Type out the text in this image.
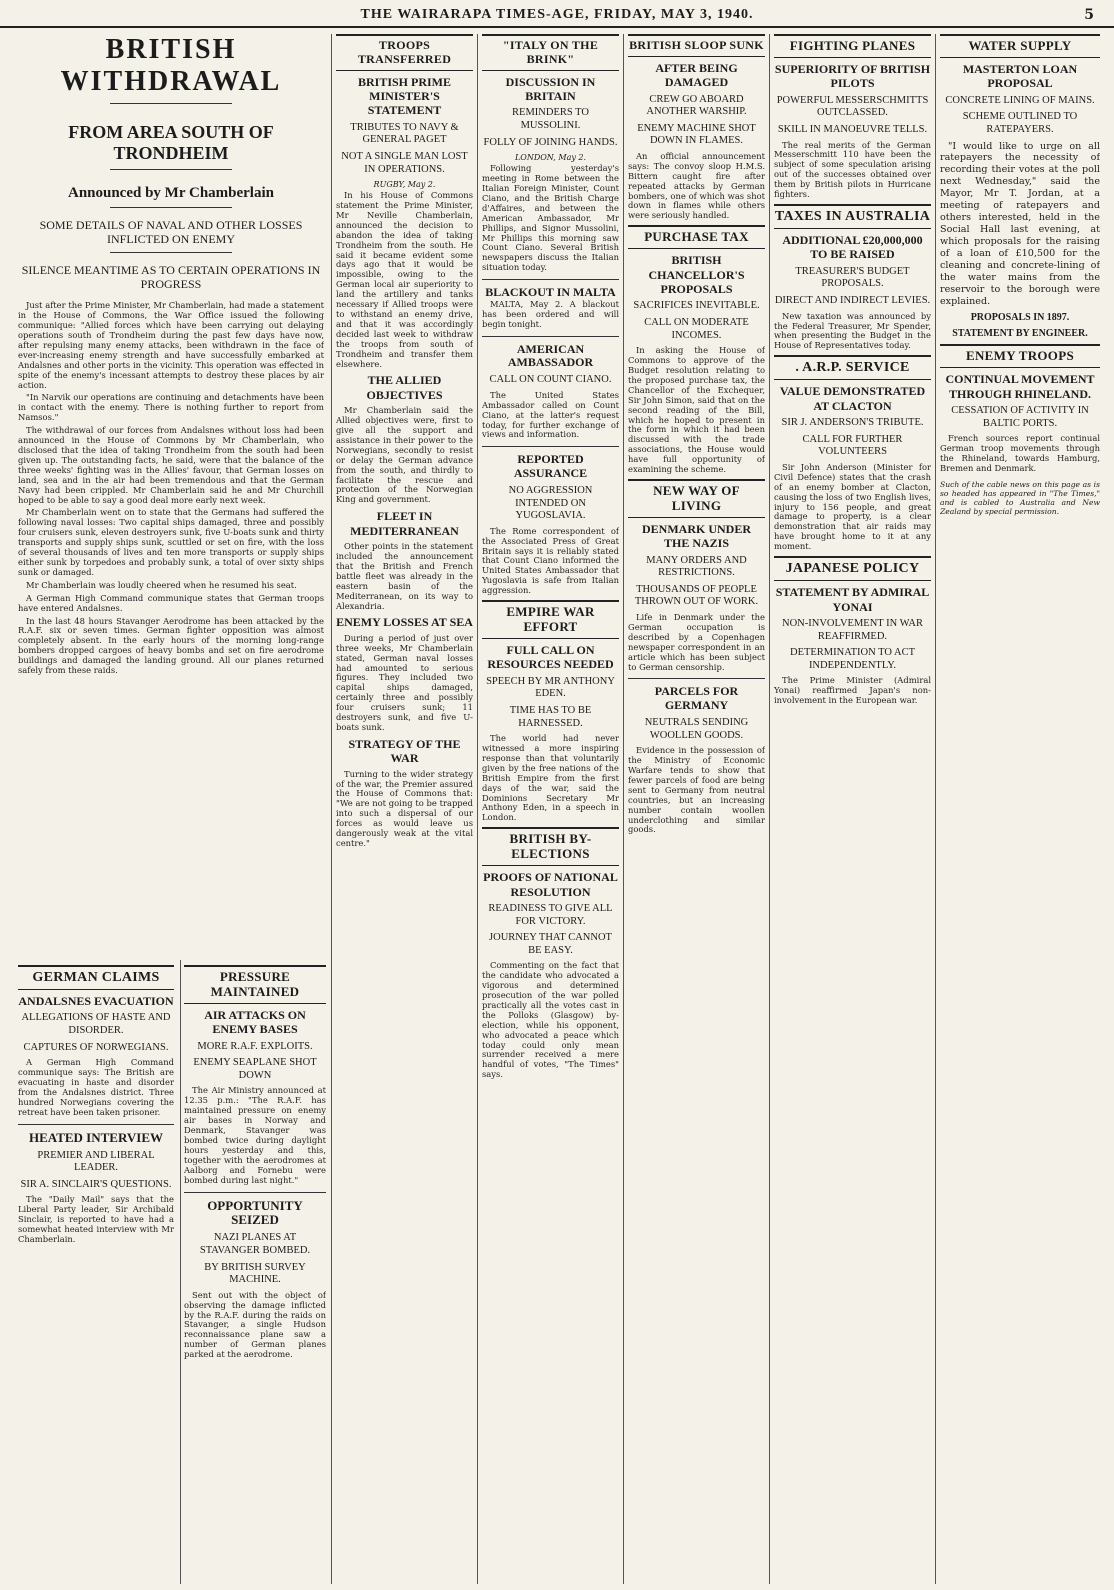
THE WAIRARAPA TIMES-AGE, FRIDAY, MAY 3, 1940.	5
BRITISH WITHDRAWAL
FROM AREA SOUTH OF TRONDHEIM
Announced by Mr Chamberlain
SOME DETAILS OF NAVAL AND OTHER LOSSES INFLICTED ON ENEMY
SILENCE MEANTIME AS TO CERTAIN OPERATIONS IN PROGRESS

Just after the Prime Minister, Mr Chamberlain, had made a statement in the House of Commons, the War Office issued the following communique: "Allied forces which have been carrying out delaying operations south of Trondheim during the past few days have now, after repulsing many enemy attacks, been withdrawn in the face of ever-increasing enemy strength and have successfully embarked at Andalsnes and other ports in the vicinity. This operation was effected in spite of the enemy's incessant attempts to destroy these places by air action.

"In Narvik our operations are continuing and detachments have been in contact with the enemy. There is nothing further to report from Namsos."

The withdrawal of our forces from Andalsnes without loss had been announced in the House of Commons by Mr Chamberlain, who disclosed that the idea of taking Trondheim from the south had been given up. The outstanding facts, he said, were that the balance of the three weeks' fighting was in the Allies' favour, that German losses on land, sea and in the air had been tremendous and that the German Navy had been crippled. Mr Chamberlain said he and Mr Churchill hoped to be able to say a good deal more early next week.

Mr Chamberlain went on to state that the Germans had suffered the following naval losses: Two capital ships damaged, three and possibly four cruisers sunk, eleven destroyers sunk, five U-boats sunk and thirty transports and supply ships sunk, scuttled or set on fire, with the loss of several thousands of lives and ten more transports or supply ships either sunk by torpedoes and probably sunk, a total of over sixty ships sunk or damaged.

Mr Chamberlain was loudly cheered when he resumed his seat.

A German High Command communique states that German troops have entered Andalsnes.

In the last 48 hours Stavanger Aerodrome has been attacked by the R.A.F. six or seven times. German fighter opposition was almost completely absent. In the early hours of the morning long-range bombers dropped cargoes of heavy bombs and set on fire aerodrome buildings and damaged the landing ground. All our planes returned safely from these raids.

GERMAN CLAIMS
ANDALSNES EVACUATION
ALLEGATIONS OF HASTE AND DISORDER.
CAPTURES OF NORWEGIANS.

A German High Command communique says: The British are evacuating in haste and disorder from the Andalsnes district. Three hundred Norwegians covering the retreat have been taken prisoner.

HEATED INTERVIEW
PREMIER AND LIBERAL LEADER.
SIR A. SINCLAIR'S QUESTIONS.

The "Daily Mail" says that the Liberal Party leader, Sir Archibald Sinclair, is reported to have had a somewhat heated interview with Mr Chamberlain.

PRESSURE MAINTAINED
AIR ATTACKS ON ENEMY BASES
MORE R.A.F. EXPLOITS.
ENEMY SEAPLANE SHOT DOWN

The Air Ministry announced at 12.35 p.m.: "The R.A.F. has maintained pressure on enemy air bases in Norway and Denmark, Stavanger was bombed twice during daylight hours yesterday and this, together with the aerodromes at Aalborg and Fornebu were bombed during last night."

OPPORTUNITY SEIZED
NAZI PLANES AT STAVANGER BOMBED.
BY BRITISH SURVEY MACHINE.

Sent out with the object of observing the damage inflicted by the R.A.F. during the raids on Stavanger, a single Hudson reconnaissance plane saw a number of German planes parked at the aerodrome.

TROOPS TRANSFERRED
BRITISH PRIME MINISTER'S STATEMENT
TRIBUTES TO NAVY & GENERAL PAGET
NOT A SINGLE MAN LOST IN OPERATIONS.
RUGBY, May 2.

In his House of Commons statement the Prime Minister, Mr Neville Chamberlain, announced the decision to abandon the idea of taking Trondheim from the south. He said it became evident some days ago that it would be impossible, owing to the German local air superiority to land the artillery and tanks necessary if Allied troops were to withstand an enemy drive, and that it was accordingly decided last week to withdraw the troops from south of Trondheim and transfer them elsewhere.

THE ALLIED OBJECTIVES

Mr Chamberlain said the Allied objectives were, first to give all the support and assistance in their power to the Norwegians, secondly to resist or delay the German advance from the south, and thirdly to facilitate the rescue and protection of the Norwegian King and government.

FLEET IN MEDITERRANEAN

Other points in the statement included the announcement that the British and French battle fleet was already in the eastern basin of the Mediterranean, on its way to Alexandria.

ENEMY LOSSES AT SEA

During a period of just over three weeks, Mr Chamberlain stated, German naval losses had amounted to serious figures. They included two capital ships damaged, certainly three and possibly four cruisers sunk; 11 destroyers sunk, and five U-boats sunk.

STRATEGY OF THE WAR

Turning to the wider strategy of the war, the Premier assured the House of Commons that: "We are not going to be trapped into such a dispersal of our forces as would leave us dangerously weak at the vital centre."

"ITALY ON THE BRINK"
DISCUSSION IN BRITAIN
REMINDERS TO MUSSOLINI.
FOLLY OF JOINING HANDS.
LONDON, May 2.

Following yesterday's meeting in Rome between the Italian Foreign Minister, Count Ciano, and the British Charge d'Affaires, and between the American Ambassador, Mr Phillips, and Signor Mussolini, Mr Phillips this morning saw Count Ciano. Several British newspapers discuss the Italian situation today.

BLACKOUT IN MALTA

MALTA, May 2. A blackout has been ordered and will begin tonight.

AMERICAN AMBASSADOR
CALL ON COUNT CIANO.

The United States Ambassador called on Count Ciano, at the latter's request today, for further exchange of views and information.

REPORTED ASSURANCE
NO AGGRESSION INTENDED ON YUGOSLAVIA.

The Rome correspondent of the Associated Press of Great Britain says it is reliably stated that Count Ciano informed the United States Ambassador that Yugoslavia is safe from Italian aggression.

EMPIRE WAR EFFORT
FULL CALL ON RESOURCES NEEDED
SPEECH BY MR ANTHONY EDEN.
TIME HAS TO BE HARNESSED.

The world had never witnessed a more inspiring response than that voluntarily given by the free nations of the British Empire from the first days of the war, said the Dominions Secretary Mr Anthony Eden, in a speech in London.

BRITISH BY-ELECTIONS
PROOFS OF NATIONAL RESOLUTION
READINESS TO GIVE ALL FOR VICTORY.
JOURNEY THAT CANNOT BE EASY.

Commenting on the fact that the candidate who advocated a vigorous and determined prosecution of the war polled practically all the votes cast in the Polloks (Glasgow) by-election, while his opponent, who advocated a peace which today could only mean surrender received a mere handful of votes, "The Times" says.

BRITISH SLOOP SUNK
AFTER BEING DAMAGED
CREW GO ABOARD ANOTHER WARSHIP.
ENEMY MACHINE SHOT DOWN IN FLAMES.

An official announcement says: The convoy sloop H.M.S. Bittern caught fire after repeated attacks by German bombers, one of which was shot down in flames while others were seriously handled.

PURCHASE TAX
BRITISH CHANCELLOR'S PROPOSALS
SACRIFICES INEVITABLE.
CALL ON MODERATE INCOMES.

In asking the House of Commons to approve of the Budget resolution relating to the proposed purchase tax, the Chancellor of the Exchequer, Sir John Simon, said that on the second reading of the Bill, which he hoped to present in the form in which it had been discussed with the trade associations, the House would have full opportunity of examining the scheme.

NEW WAY OF LIVING
DENMARK UNDER THE NAZIS
MANY ORDERS AND RESTRICTIONS.
THOUSANDS OF PEOPLE THROWN OUT OF WORK.

Life in Denmark under the German occupation is described by a Copenhagen newspaper correspondent in an article which has been subject to German censorship.

PARCELS FOR GERMANY
NEUTRALS SENDING WOOLLEN GOODS.

Evidence in the possession of the Ministry of Economic Warfare tends to show that fewer parcels of food are being sent to Germany from neutral countries, but an increasing number contain woollen underclothing and similar goods.

FIGHTING PLANES
SUPERIORITY OF BRITISH PILOTS
POWERFUL MESSERSCHMITTS OUTCLASSED.
SKILL IN MANOEUVRE TELLS.

The real merits of the German Messerschmitt 110 have been the subject of some speculation arising out of the successes obtained over them by British pilots in Hurricane fighters.

TAXES IN AUSTRALIA
ADDITIONAL £20,000,000 TO BE RAISED
TREASURER'S BUDGET PROPOSALS.
DIRECT AND INDIRECT LEVIES.

New taxation was announced by the Federal Treasurer, Mr Spender, when presenting the Budget in the House of Representatives today.

. A.R.P. SERVICE
VALUE DEMONSTRATED AT CLACTON
SIR J. ANDERSON'S TRIBUTE.
CALL FOR FURTHER VOLUNTEERS

Sir John Anderson (Minister for Civil Defence) states that the crash of an enemy bomber at Clacton, causing the loss of two English lives, injury to 156 people, and great damage to property, is a clear demonstration that air raids may have brought home to it at any moment.

JAPANESE POLICY
STATEMENT BY ADMIRAL YONAI
NON-INVOLVEMENT IN WAR REAFFIRMED.
DETERMINATION TO ACT INDEPENDENTLY.

The Prime Minister (Admiral Yonai) reaffirmed Japan's non-involvement in the European war.

WATER SUPPLY
MASTERTON LOAN PROPOSAL
CONCRETE LINING OF MAINS.
SCHEME OUTLINED TO RATEPAYERS.

"I would like to urge on all ratepayers the necessity of recording their votes at the poll next Wednesday," said the Mayor, Mr T. Jordan, at a meeting of ratepayers and others interested, held in the Social Hall last evening, at which proposals for the raising of a loan of £10,500 for the cleaning and concrete-lining of the water mains from the reservoir to the borough were explained.

PROPOSALS IN 1897.
STATEMENT BY ENGINEER.
ENEMY TROOPS
CONTINUAL MOVEMENT THROUGH RHINELAND.
CESSATION OF ACTIVITY IN BALTIC PORTS.

French sources report continual German troop movements through the Rhineland, towards Hamburg, Bremen and Denmark.

Such of the cable news on this page as is so headed has appeared in "The Times," and is cabled to Australia and New Zealand by special permission.
